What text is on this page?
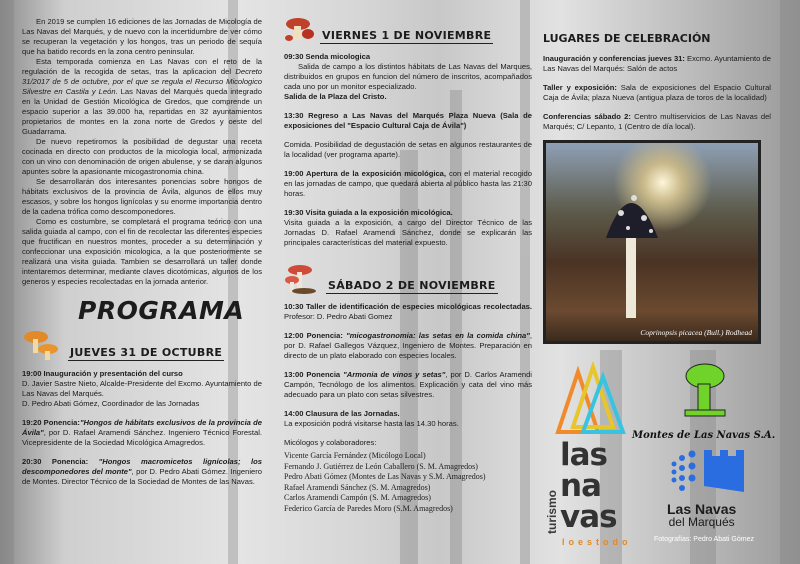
En 2019 se cumplen 16 ediciones de las Jornadas de Micología de Las Navas del Marqués, y de nuevo con la incertidumbre de ver cómo se recuperan la vegetación y los hongos, tras un periodo de sequía que ha batido records en la zona centro peninsular.

Esta temporada comienza en Las Navas con el reto de la regulación de la recogida de setas, tras la aplicacion del Decreto 31/2017 de 5 de octubre, por el que se regula el Recurso Micologico Silvestre en Castila y León. Las Navas del Marqués queda integrado en la Unidad de Gestión Micológica de Gredos, que comprende un espacio superior a las 39.000 ha, repartidas en 32 ayuntamientos propietarios de montes en la zona norte de Gredos y oeste del Guadarrama.

De nuevo repetiromos la posibilidad de degustar una receta cocinada en directo con productos de la micologia local, armonizada con un vino con denominación de origen abulense, y se daran algunos apuntes sobre la apasionante micogastronomia china.

Se desarrollarán dos interesantes ponencias sobre hongos de hábitats exclusivos de la provincia de Ávila, algunos de ellos muy escasos, y sobre los hongos lignícolas y su enorme importancia dentro de la cadena trófica como descomponedores.

Como es costumbre, se completará el programa teórico con una salida guiada al campo, con el fin de recolectar las diferentes especies que fructifican en nuestros montes, proceder a su determinación y confeccionar una exposición micologica, a la que posteriormente se realizará una visita guiada. Tambien se desarrollará un taller donde intentaremos determinar, mediante claves dicotómicas, algunos de los generos y especies recolectadas en la jornada anterior.

PROGRAMA
JUEVES 31 DE OCTUBRE

19:00 Inauguración y presentación del curso

D. Javier Sastre Nieto, Alcalde-Presidente del Excmo. Ayuntamiento de Las Navas del Marqués.

D. Pedro Abati Gómez, Coordinador de las Jornadas

19:20 Ponencia:"Hongos de hábitats exclusivos de la provincia de Ávila", por D. Rafael Aramendi Sánchez. Ingeniero Técnico Forestal. Vicepresidente de la Sociedad Micológica Amagredos.

20:30 Ponencia: "Hongos macromicetos lignícolas; los descomponedores del monte", por D. Pedro Abati Gómez. Ingeniero de Montes. Director Técnico de la Sociedad de Montes de las Navas.

VIERNES 1 DE NOVIEMBRE

09:30 Senda micologica

Salida de campo a los distintos hábitats de Las Navas del Marques, distribuidos en grupos en funcion del número de inscritos, acompañados cada uno por un monitor especializado.

Salida de la Plaza del Cristo.

13:30 Regreso a Las Navas del Marqués Plaza Nueva (Sala de exposiciones del "Espacio Cultural Caja de Ávila")

Comida. Posibilidad de degustación de setas en algunos restaurantes de la localidad (ver programa aparte).

19:00 Apertura de la exposición micológica, con el material recogido en las jornadas de campo, que quedará abierta al público hasta las 21:30 horas.

19:30 Visita guiada a la exposición micológica.

Visita guiada a la exposición, a cargo del Director Técnico de las Jornadas D. Rafael Aramendi Sánchez, donde se explicarán las principales características del material expuesto.

SÁBADO 2 DE NOVIEMBRE

10:30 Taller de identificación de especies micológicas recolectadas. Profesor: D. Pedro Abati Gomez

12:00 Ponencia: "micogastronomia: las setas en la comida china", por D. Rafael Gallegos Vázquez, Ingeniero de Montes. Preparación en directo de un plato elaborado con especies locales.

13:00 Ponencia "Armonia de vinos y setas", por D. Carlos Aramendi Campón, Tecnólogo de los alimentos. Explicación y cata del vino más adecuado para un plato con setas silvestres.

14:00 Clausura de las Jornadas.

La exposición podrá visitarse hasta las 14.30 horas.

Micólogos y colaboradores:

Vicente García Fernández (Micólogo Local)

Fernando J. Gutiérrez de León Caballero (S. M. Amagredos)

Pedro Abati Gómez (Montes de Las Navas y S.M. Amagredos)

Rafael Aramendi Sánchez (S. M. Amagredos)

Carlos Aramendi Campón (S. M. Amagredos)

Federico García de Paredes Moro (S.M. Amagredos)

LUGARES DE CELEBRACIÓN

Inauguración y conferencias jueves 31: Excmo. Ayuntamiento de Las Navas del Marqués: Salón de actos

Taller y exposición: Sala de exposiciones del Espacio Cultural Caja de Ávila; plaza Nueva (antigua plaza de toros de la localidad)

Conferencias sábado 2: Centro multiservicios de Las Navas del Marqués; C/ Lepanto, 1 (Centro de día local).

Coprinopsis picacea (Bull.) Rodhead
turismo
las
na
vas
loestodo
Montes de Las Navas S.A.
Las Navas
del Marqués
Fotografías: Pedro Abati Gómez
